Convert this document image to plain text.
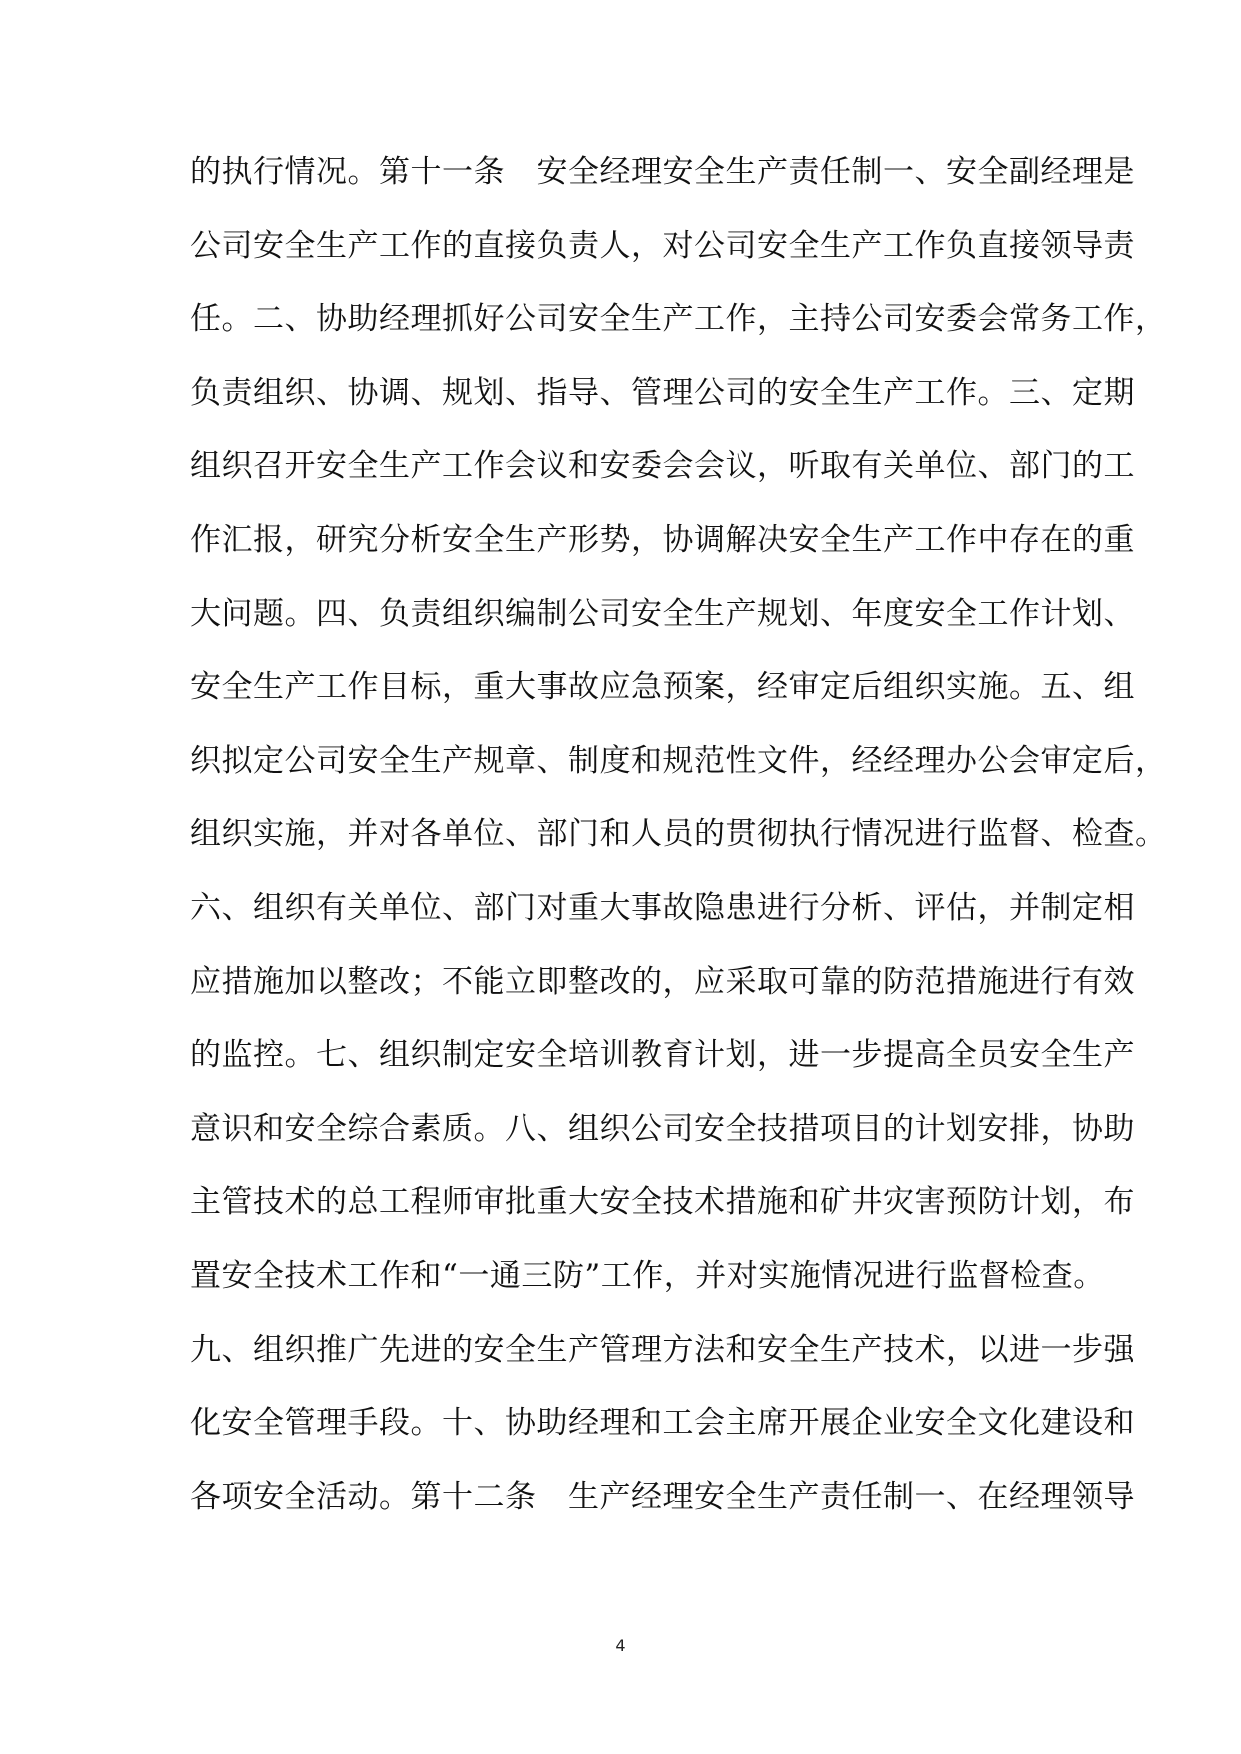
的执行情况。第十一条　安全经理安全生产责任制一、安全副经理是
公司安全生产工作的直接负责人，对公司安全生产工作负直接领导责
任。二、协助经理抓好公司安全生产工作，主持公司安委会常务工作，
负责组织、协调、规划、指导、管理公司的安全生产工作。三、定期
组织召开安全生产工作会议和安委会会议，听取有关单位、部门的工
作汇报，研究分析安全生产形势，协调解决安全生产工作中存在的重
大问题。四、负责组织编制公司安全生产规划、年度安全工作计划、
安全生产工作目标，重大事故应急预案，经审定后组织实施。五、组
织拟定公司安全生产规章、制度和规范性文件，经经理办公会审定后，
组织实施，并对各单位、部门和人员的贯彻执行情况进行监督、检查。
六、组织有关单位、部门对重大事故隐患进行分析、评估，并制定相
应措施加以整改；不能立即整改的，应采取可靠的防范措施进行有效
的监控。七、组织制定安全培训教育计划，进一步提高全员安全生产
意识和安全综合素质。八、组织公司安全技措项目的计划安排，协助
主管技术的总工程师审批重大安全技术措施和矿井灾害预防计划，布
置安全技术工作和“一通三防”工作，并对实施情况进行监督检查。
九、组织推广先进的安全生产管理方法和安全生产技术，以进一步强
化安全管理手段。十、协助经理和工会主席开展企业安全文化建设和
各项安全活动。第十二条　生产经理安全生产责任制一、在经理领导
4
